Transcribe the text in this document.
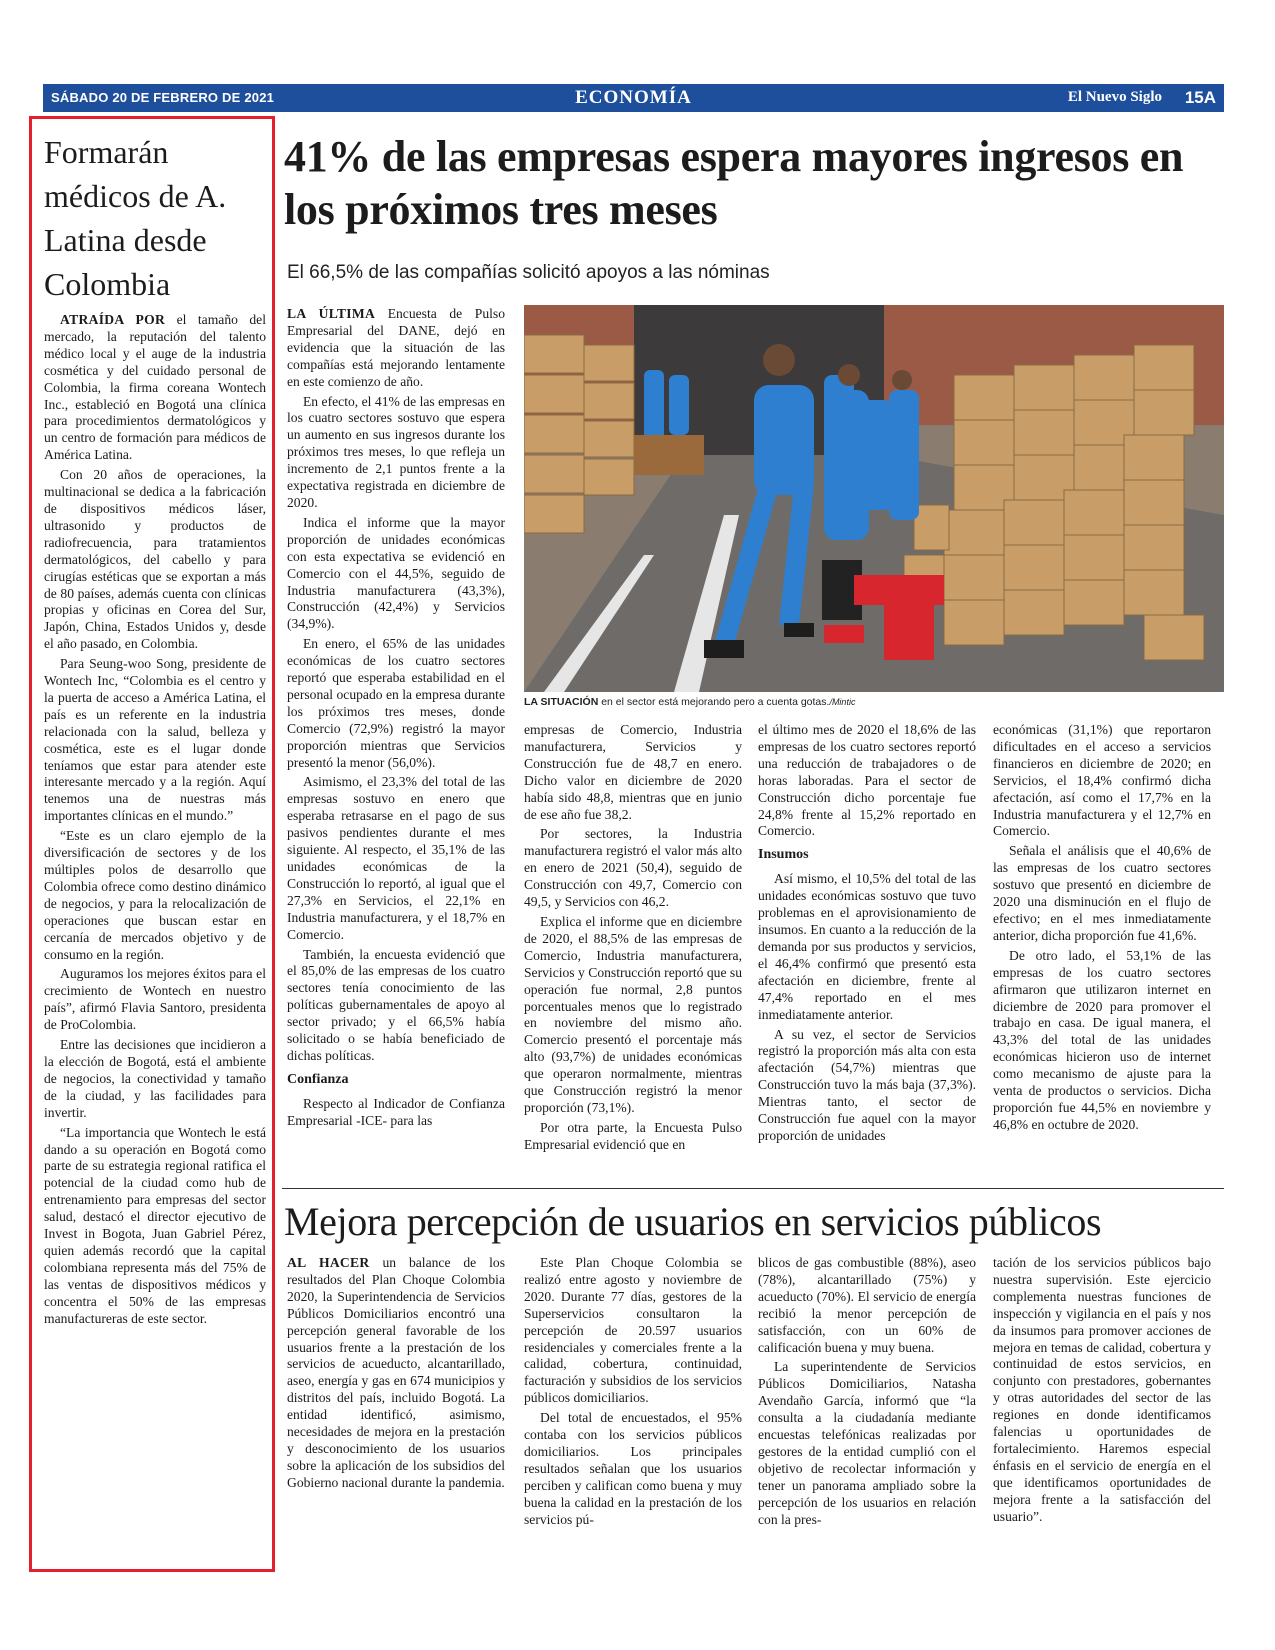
SÁBADO 20 DE FEBRERO DE 2021	ECONOMÍA	El Nuevo Siglo 15A
Formarán médicos de A. Latina desde Colombia

ATRAÍDA POR el tamaño del mercado, la reputación del talento médico local y el auge de la industria cosmética y del cuidado personal de Colombia, la firma coreana Wontech Inc., estableció en Bogotá una clínica para procedimientos dermatológicos y un centro de formación para médicos de América Latina.

Con 20 años de operaciones, la multinacional se dedica a la fabricación de dispositivos médicos láser, ultrasonido y productos de radiofrecuencia, para tratamientos dermatológicos, del cabello y para cirugías estéticas que se exportan a más de 80 países, además cuenta con clínicas propias y oficinas en Corea del Sur, Japón, China, Estados Unidos y, desde el año pasado, en Colombia.

Para Seung-woo Song, presidente de Wontech Inc, “Colombia es el centro y la puerta de acceso a América Latina, el país es un referente en la industria relacionada con la salud, belleza y cosmética, este es el lugar donde teníamos que estar para atender este interesante mercado y a la región. Aquí tenemos una de nuestras más importantes clínicas en el mundo.”

“Este es un claro ejemplo de la diversificación de sectores y de los múltiples polos de desarrollo que Colombia ofrece como destino dinámico de negocios, y para la relocalización de operaciones que buscan estar en cercanía de mercados objetivo y de consumo en la región.

Auguramos los mejores éxitos para el crecimiento de Wontech en nuestro país”, afirmó Flavia Santoro, presidenta de ProColombia.

Entre las decisiones que incidieron a la elección de Bogotá, está el ambiente de negocios, la conectividad y tamaño de la ciudad, y las facilidades para invertir.

“La importancia que Wontech le está dando a su operación en Bogotá como parte de su estrategia regional ratifica el potencial de la ciudad como hub de entrenamiento para empresas del sector salud, destacó el director ejecutivo de Invest in Bogota, Juan Gabriel Pérez, quien además recordó que la capital colombiana representa más del 75% de las ventas de dispositivos médicos y concentra el 50% de las empresas manufactureras de este sector.

41% de las empresas espera mayores ingresos en los próximos tres meses
El 66,5% de las compañías solicitó apoyos a las nóminas

LA ÚLTIMA Encuesta de Pulso Empresarial del DANE, dejó en evidencia que la situación de las compañías está mejorando lentamente en este comienzo de año.

En efecto, el 41% de las empresas en los cuatro sectores sostuvo que espera un aumento en sus ingresos durante los próximos tres meses, lo que refleja un incremento de 2,1 puntos frente a la expectativa registrada en diciembre de 2020.

Indica el informe que la mayor proporción de unidades económicas con esta expectativa se evidenció en Comercio con el 44,5%, seguido de Industria manufacturera (43,3%), Construcción (42,4%) y Servicios (34,9%).

En enero, el 65% de las unidades económicas de los cuatro sectores reportó que esperaba estabilidad en el personal ocupado en la empresa durante los próximos tres meses, donde Comercio (72,9%) registró la mayor proporción mientras que Servicios presentó la menor (56,0%).

Asimismo, el 23,3% del total de las empresas sostuvo en enero que esperaba retrasarse en el pago de sus pasivos pendientes durante el mes siguiente. Al respecto, el 35,1% de las unidades económicas de la Construcción lo reportó, al igual que el 27,3% en Servicios, el 22,1% en Industria manufacturera, y el 18,7% en Comercio.

También, la encuesta evidenció que el 85,0% de las empresas de los cuatro sectores tenía conocimiento de las políticas gubernamentales de apoyo al sector privado; y el 66,5% había solicitado o se había beneficiado de dichas políticas.

Confianza

Respecto al Indicador de Confianza Empresarial -ICE- para las

LA SITUACIÓN en el sector está mejorando pero a cuenta gotas./Mintic

empresas de Comercio, Industria manufacturera, Servicios y Construcción fue de 48,7 en enero. Dicho valor en diciembre de 2020 había sido 48,8, mientras que en junio de ese año fue 38,2.

Por sectores, la Industria manufacturera registró el valor más alto en enero de 2021 (50,4), seguido de Construcción con 49,7, Comercio con 49,5, y Servicios con 46,2.

Explica el informe que en diciembre de 2020, el 88,5% de las empresas de Comercio, Industria manufacturera, Servicios y Construcción reportó que su operación fue normal, 2,8 puntos porcentuales menos que lo registrado en noviembre del mismo año. Comercio presentó el porcentaje más alto (93,7%) de unidades económicas que operaron normalmente, mientras que Construcción registró la menor proporción (73,1%).

Por otra parte, la Encuesta Pulso Empresarial evidenció que en

el último mes de 2020 el 18,6% de las empresas de los cuatro sectores reportó una reducción de trabajadores o de horas laboradas. Para el sector de Construcción dicho porcentaje fue 24,8% frente al 15,2% reportado en Comercio.

Insumos

Así mismo, el 10,5% del total de las unidades económicas sostuvo que tuvo problemas en el aprovisionamiento de insumos. En cuanto a la reducción de la demanda por sus productos y servicios, el 46,4% confirmó que presentó esta afectación en diciembre, frente al 47,4% reportado en el mes inmediatamente anterior.

A su vez, el sector de Servicios registró la proporción más alta con esta afectación (54,7%) mientras que Construcción tuvo la más baja (37,3%). Mientras tanto, el sector de Construcción fue aquel con la mayor proporción de unidades

económicas (31,1%) que reportaron dificultades en el acceso a servicios financieros en diciembre de 2020; en Servicios, el 18,4% confirmó dicha afectación, así como el 17,7% en la Industria manufacturera y el 12,7% en Comercio.

Señala el análisis que el 40,6% de las empresas de los cuatro sectores sostuvo que presentó en diciembre de 2020 una disminución en el flujo de efectivo; en el mes inmediatamente anterior, dicha proporción fue 41,6%.

De otro lado, el 53,1% de las empresas de los cuatro sectores afirmaron que utilizaron internet en diciembre de 2020 para promover el trabajo en casa. De igual manera, el 43,3% del total de las unidades económicas hicieron uso de internet como mecanismo de ajuste para la venta de productos o servicios. Dicha proporción fue 44,5% en noviembre y 46,8% en octubre de 2020.

Mejora percepción de usuarios en servicios públicos

AL HACER un balance de los resultados del Plan Choque Colombia 2020, la Superintendencia de Servicios Públicos Domiciliarios encontró una percepción general favorable de los usuarios frente a la prestación de los servicios de acueducto, alcantarillado, aseo, energía y gas en 674 municipios y distritos del país, incluido Bogotá. La entidad identificó, asimismo, necesidades de mejora en la prestación y desconocimiento de los usuarios sobre la aplicación de los subsidios del Gobierno nacional durante la pandemia.

Este Plan Choque Colombia se realizó entre agosto y noviembre de 2020. Durante 77 días, gestores de la Superservicios consultaron la percepción de 20.597 usuarios residenciales y comerciales frente a la calidad, cobertura, continuidad, facturación y subsidios de los servicios públicos domiciliarios.

Del total de encuestados, el 95% contaba con los servicios públicos domiciliarios. Los principales resultados señalan que los usuarios perciben y califican como buena y muy buena la calidad en la prestación de los servicios pú-

blicos de gas combustible (88%), aseo (78%), alcantarillado (75%) y acueducto (70%). El servicio de energía recibió la menor percepción de satisfacción, con un 60% de calificación buena y muy buena.

La superintendente de Servicios Públicos Domiciliarios, Natasha Avendaño García, informó que “la consulta a la ciudadanía mediante encuestas telefónicas realizadas por gestores de la entidad cumplió con el objetivo de recolectar información y tener un panorama ampliado sobre la percepción de los usuarios en relación con la pres-

tación de los servicios públicos bajo nuestra supervisión. Este ejercicio complementa nuestras funciones de inspección y vigilancia en el país y nos da insumos para promover acciones de mejora en temas de calidad, cobertura y continuidad de estos servicios, en conjunto con prestadores, gobernantes y otras autoridades del sector de las regiones en donde identificamos falencias u oportunidades de fortalecimiento. Haremos especial énfasis en el servicio de energía en el que identificamos oportunidades de mejora frente a la satisfacción del usuario”.
